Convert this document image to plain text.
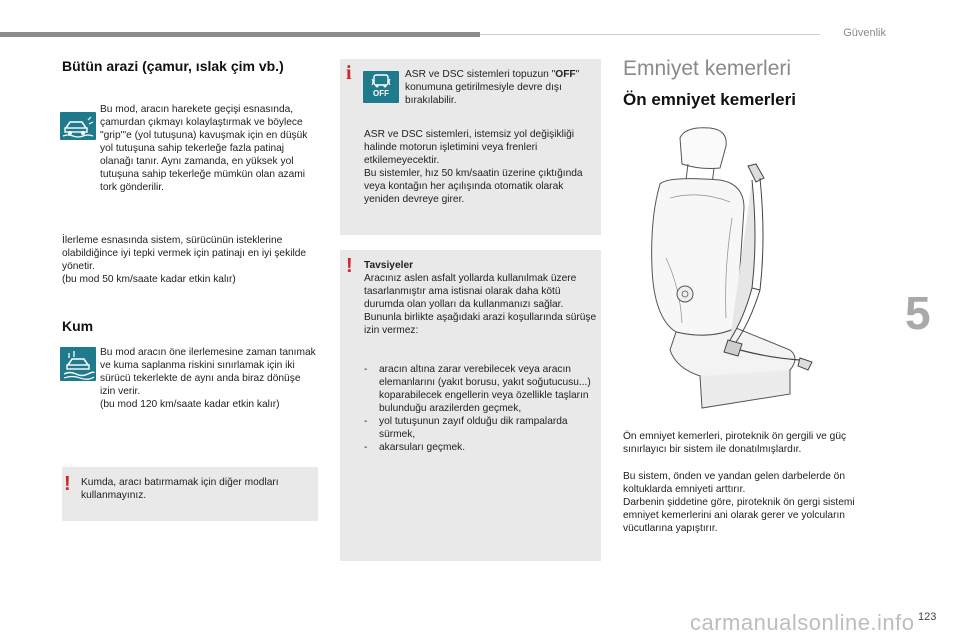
Güvenlik
5
carmanualsonline.info 123
Bütün arazi (çamur, ıslak çim vb.)

Bu mod, aracın harekete geçişi esnasında, çamurdan çıkmayı kolaylaştırmak ve böylece "grip"'e (yol tutuşuna) kavuşmak için en düşük yol tutuşuna sahip tekerleğe fazla patinaj olanağı tanır. Aynı zamanda, en yüksek yol tutuşuna sahip tekerleğe mümkün olan azami tork gönderilir.

İlerleme esnasında sistem, sürücünün isteklerine olabildiğince iyi tepki vermek için patinajı en iyi şekilde yönetir.
(bu mod 50 km/saate kadar etkin kalır)

Kum

Bu mod aracın öne ilerlemesine zaman tanımak ve kuma saplanma riskini sınırlamak için iki sürücü tekerlekte de aynı anda biraz dönüşe izin verir.
(bu mod 120 km/saate kadar etkin kalır)

! Kumda, aracı batırmamak için diğer modları kullanmayınız.

i
OFF

ASR ve DSC sistemleri topuzun "OFF" konumuna getirilmesiyle devre dışı bırakılabilir.

ASR ve DSC sistemleri, istemsiz yol değişikliği halinde motorun işletimini veya frenleri etkilemeyecektir.
Bu sistemler, hız 50 km/saatin üzerine çıktığında veya kontağın her açılışında otomatik olarak yeniden devreye girer.

! Tavsiyeler
Aracınız aslen asfalt yollarda kullanılmak üzere tasarlanmıştır ama istisnai olarak daha kötü durumda olan yolları da kullanmanızı sağlar.
Bununla birlikte aşağıdaki arazi koşullarında sürüşe izin vermez:

- aracın altına zarar verebilecek veya aracın elemanlarını (yakıt borusu, yakıt soğutucusu...) koparabilecek engellerin veya özellikle taşların bulunduğu arazilerden geçmek,
- yol tutuşunun zayıf olduğu dik rampalarda sürmek,
- akarsuları geçmek.
Emniyet kemerleri
Ön emniyet kemerleri

Ön emniyet kemerleri, piroteknik ön gergili ve güç sınırlayıcı bir sistem ile donatılmışlardır.

Bu sistem, önden ve yandan gelen darbelerde ön koltuklarda emniyeti arttırır.
Darbenin şiddetine göre, piroteknik ön gergi sistemi emniyet kemerlerini ani olarak gerer ve yolcuların vücutlarına yapıştırır.
